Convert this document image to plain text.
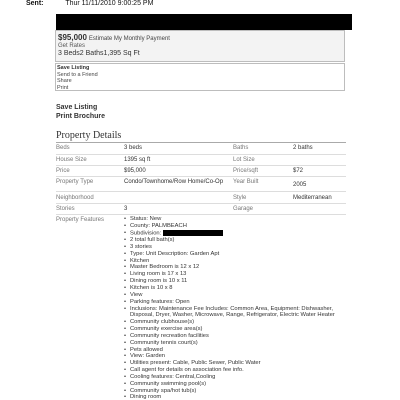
Sent:	Thur 11/11/2010 9:00:25 PM
$95,000 Estimate My Monthly Payment
Get Rates
3 Beds2 Baths1,395 Sq Ft
Save Listing
Send to a Friend
Share
Print
Save Listing
Print Brochure
Property Details
Beds	3 beds	Baths	2 baths
House Size	1395 sq ft	Lot Size
Price	$95,000	Price/sqft	$72
Property Type	Condo/Townhome/Row Home/Co-Op Year Built	2005
Neighborhood	Style	Mediterranean
Stories	3	Garage
Property Features
•	Status: New
• County: PALMBEACH
• Subdivision:
• 2 total full bath(s)
• 3 stories
• Type: Unit Description: Garden Apt
• Kitchen
• Master Bedroom is 12 x 12
• Living room is 17 x 13
• Dining room is 10 x 11
• Kitchen is 10 x 8
• View
• Parking features: Open
• Inclusions: Maintenance Fee Includes: Common Area, Equipment: Dishwasher, Disposal, Dryer, Washer, Microwave, Range, Refrigerator, Electric Water Heater
• Community clubhouse(s)
• Community exercise area(s)
• Community recreation facilities
• Community tennis court(s)
• Pets allowed
• View: Garden
• Utilities present: Cable, Public Sewer, Public Water
• Call agent for details on association fee info.
• Cooling features: Central,Cooling
• Community swimming pool(s)
• Community spa/hot tub(s)
• Dining room
